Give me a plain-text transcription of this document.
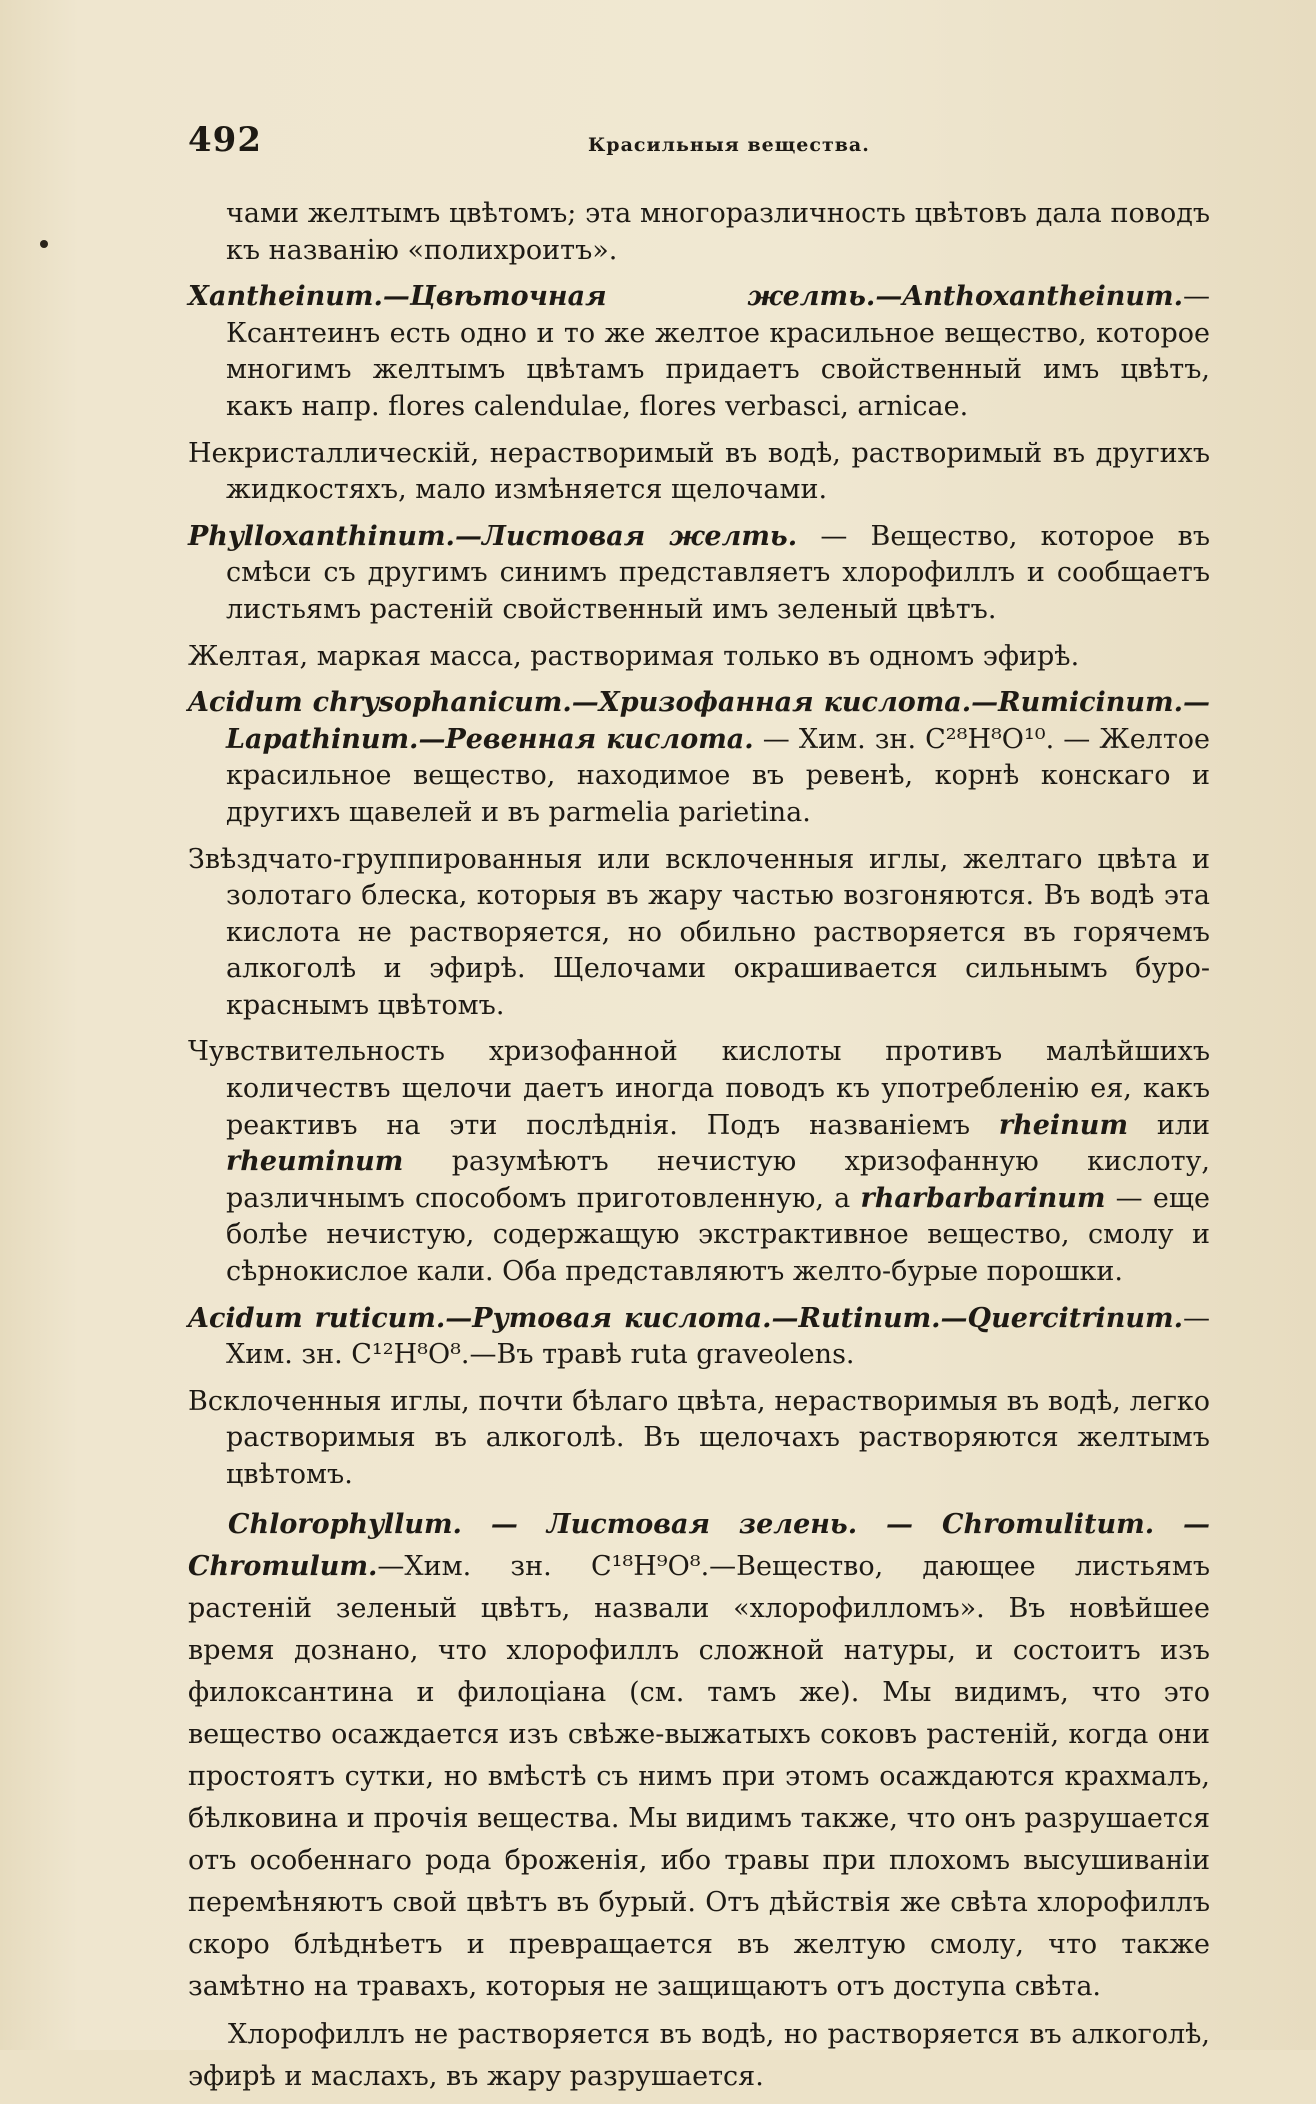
492	Красильныя вещества.

чами желтымъ цвѣтомъ; эта многоразличность цвѣтовъ дала поводъ къ названію «полихроитъ».

Xanthеinum.—Цвѣточная желть.—Anthoxanthеinum.—Ксантеинъ есть одно и то же желтое красильное вещество, которое многимъ желтымъ цвѣтамъ придаетъ свойственный имъ цвѣтъ, какъ напр. flores calendulae, flores verbasci, arnicae.

Некристаллическій, нерастворимый въ водѣ, растворимый въ другихъ жидкостяхъ, мало измѣняется щелочами.

Phylloxanthinum.—Листовая желть. — Вещество, которое въ смѣси съ другимъ синимъ представляетъ хлорофиллъ и сообщаетъ листьямъ растеній свойственный имъ зеленый цвѣтъ.

Желтая, маркая масса, растворимая только въ одномъ эфирѣ.

Acidum chrysophanicum.—Хризофанная кислота.—Rumicinum.—Lapathinum.—Ревенная кислота. — Хим. зн. C²⁸H⁸O¹⁰. — Желтое красильное вещество, находимое въ ревенѣ, корнѣ конскаго и другихъ щавелей и въ parmelia parietina.

Звѣздчато-группированныя или всклоченныя иглы, желтаго цвѣта и золотаго блеска, которыя въ жару частью возгоняются. Въ водѣ эта кислота не растворяется, но обильно растворяется въ горячемъ алкоголѣ и эфирѣ. Щелочами окрашивается сильнымъ буро-краснымъ цвѣтомъ.

Чувствительность хризофанной кислоты противъ малѣйшихъ количествъ щелочи даетъ иногда поводъ къ употребленію ея, какъ реактивъ на эти послѣднія. Подъ названіемъ rheinum или rheuminum разумѣютъ нечистую хризофанную кислоту, различнымъ способомъ приготовленную, а rharbarbarinum — еще болѣе нечистую, содержащую экстрактивное вещество, смолу и сѣрнокислое кали. Оба представляютъ желто-бурые порошки.

Acidum ruticum.—Рутовая кислота.—Rutinum.—Quercitrinum.— Хим. зн. C¹²H⁸O⁸.—Въ травѣ ruta graveolens.

Всклоченныя иглы, почти бѣлаго цвѣта, нерастворимыя въ водѣ, легко растворимыя въ алкоголѣ. Въ щелочахъ растворяются желтымъ цвѣтомъ.

Chlorophyllum. — Листовая зелень. — Chromulitum. — Chromulum.—Хим. зн. C¹⁸H⁹O⁸.—Вещество, дающее листьямъ растеній зеленый цвѣтъ, назвали «хлорофилломъ». Въ новѣйшее время дознано, что хлорофиллъ сложной натуры, и состоитъ изъ филоксантина и филоціана (см. тамъ же). Мы видимъ, что это вещество осаждается изъ свѣже-выжатыхъ соковъ растеній, когда они простоятъ сутки, но вмѣстѣ съ нимъ при этомъ осаждаются крахмалъ, бѣлковина и прочія вещества. Мы видимъ также, что онъ разрушается отъ особеннаго рода броженія, ибо травы при плохомъ высушиваніи перемѣняютъ свой цвѣтъ въ бурый. Отъ дѣйствія же свѣта хлорофиллъ скоро блѣднѣетъ и превращается въ желтую смолу, что также замѣтно на травахъ, которыя не защищаютъ отъ доступа свѣта.

Хлорофиллъ не растворяется въ водѣ, но растворяется въ алкоголѣ, эфирѣ и маслахъ, въ жару разрушается.
